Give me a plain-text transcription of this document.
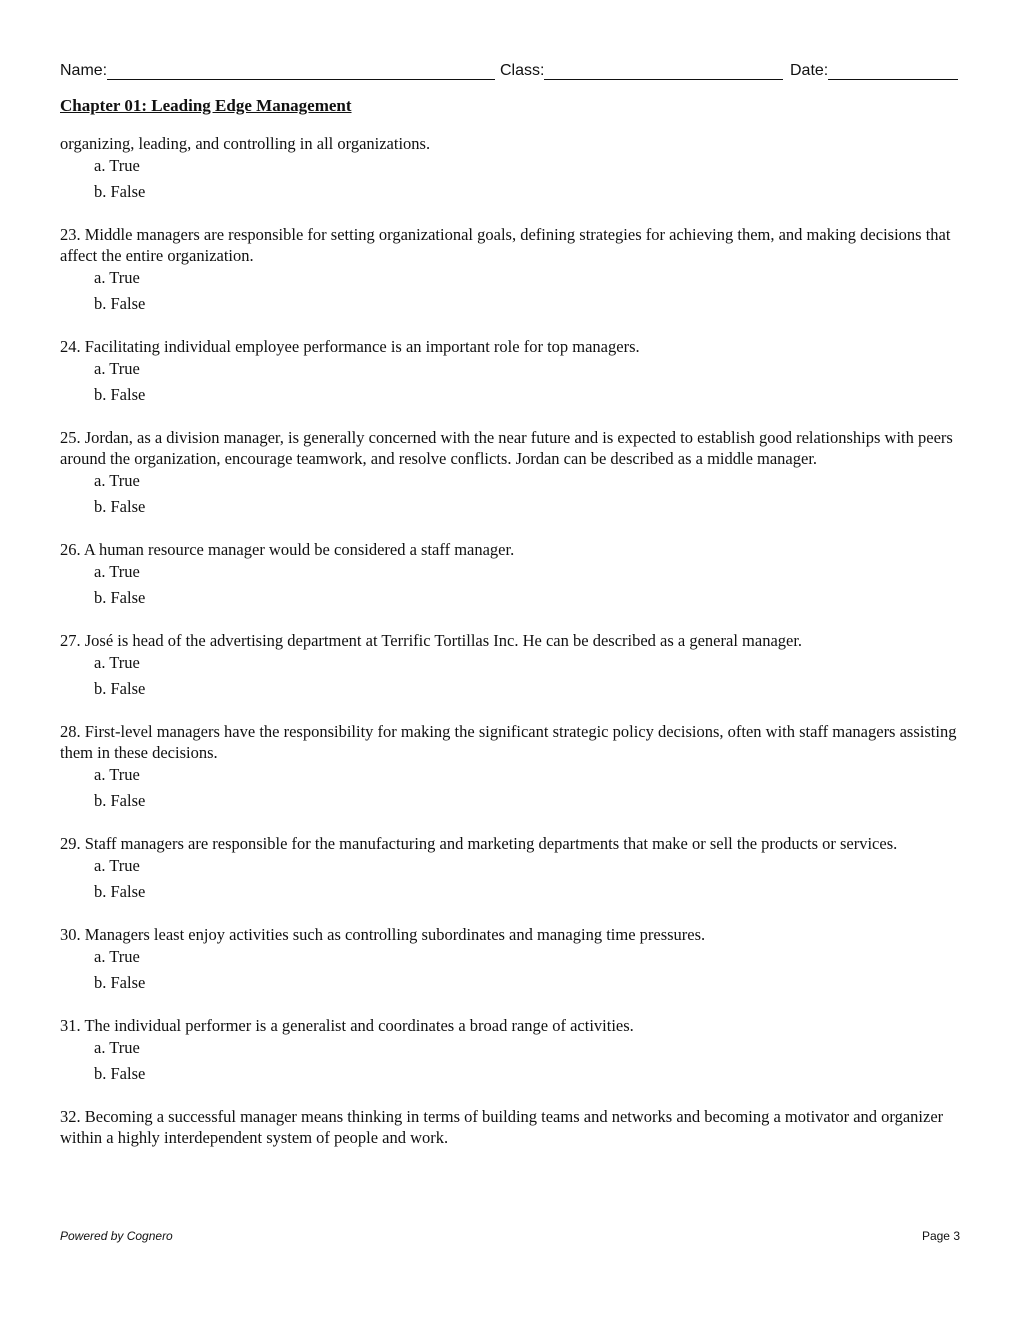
Name:	Class:	Date:
Chapter 01: Leading Edge Management

organizing, leading, and controlling in all organizations.

a. True
b. False

23. Middle managers are responsible for setting organizational goals, defining strategies for achieving them, and making decisions that affect the entire organization.

a. True
b. False

24. Facilitating individual employee performance is an important role for top managers.

a. True
b. False

25. Jordan, as a division manager, is generally concerned with the near future and is expected to establish good relationships with peers around the organization, encourage teamwork, and resolve conflicts. Jordan can be described as a middle manager.

a. True
b. False

26. A human resource manager would be considered a staff manager.

a. True
b. False

27. José is head of the advertising department at Terrific Tortillas Inc. He can be described as a general manager.

a. True
b. False

28. First-level managers have the responsibility for making the significant strategic policy decisions, often with staff managers assisting them in these decisions.

a. True
b. False

29. Staff managers are responsible for the manufacturing and marketing departments that make or sell the products or services.

a. True
b. False

30. Managers least enjoy activities such as controlling subordinates and managing time pressures.

a. True
b. False

31. The individual performer is a generalist and coordinates a broad range of activities.

a. True
b. False

32. Becoming a successful manager means thinking in terms of building teams and networks and becoming a motivator and organizer within a highly interdependent system of people and work.

Powered by Cognero	Page 3
